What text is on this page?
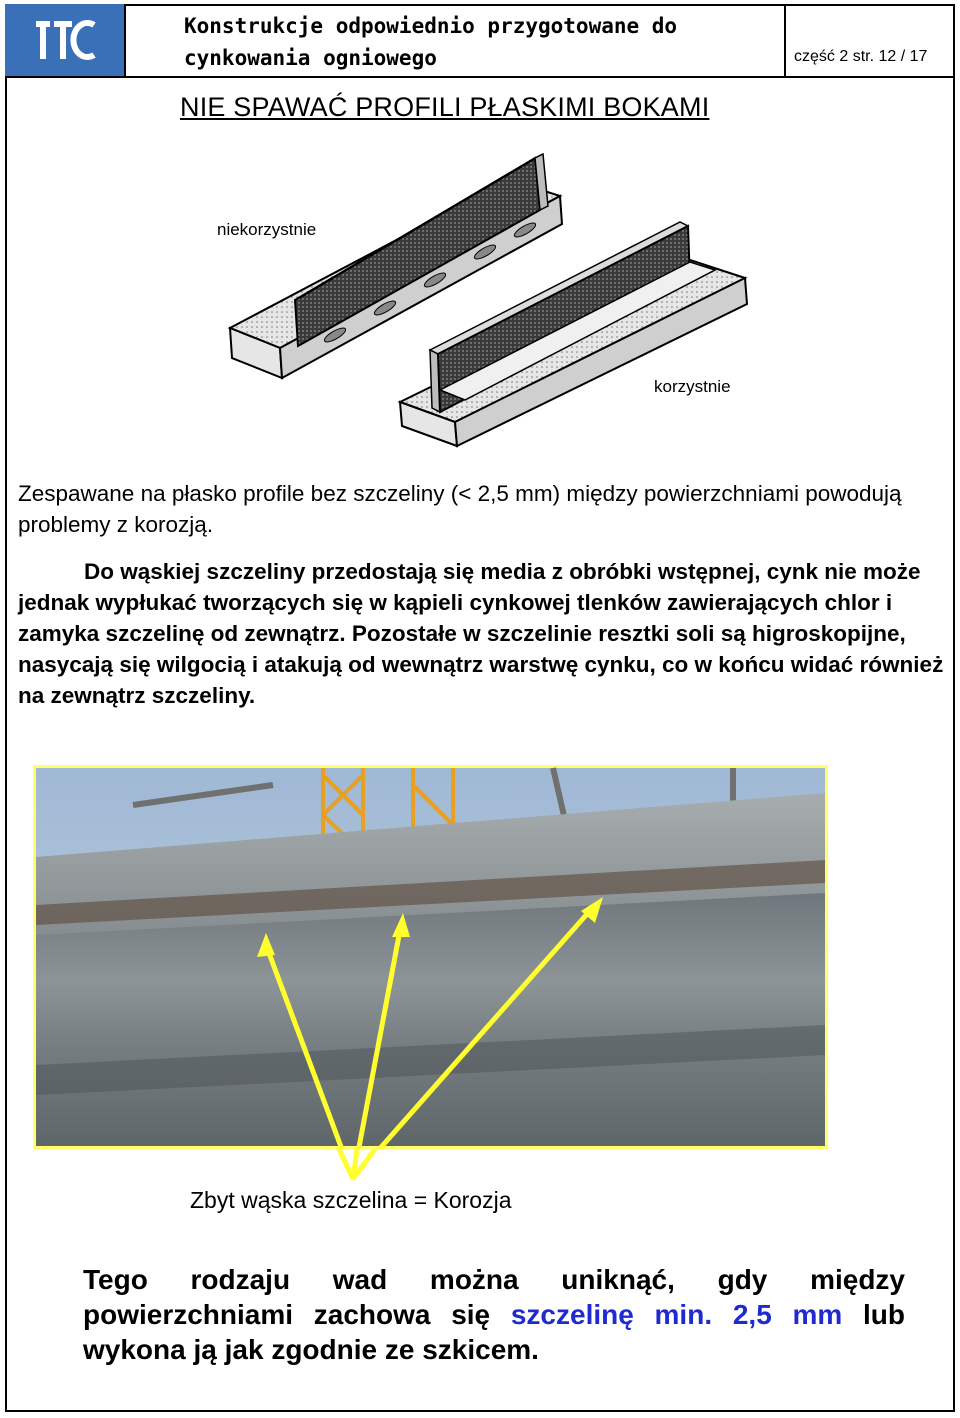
Konstrukcje odpowiednio przygotowane do
cynkowania ogniowego	część 2 str. 12 / 17
NIE SPAWAĆ PROFILI PŁASKIMI BOKAMI
niekorzystnie
korzystnie
Zespawane na płasko profile bez szczeliny (< 2,5 mm) między powierzchniami powodują problemy z korozją.
Do wąskiej szczeliny przedostają się media z obróbki wstępnej, cynk nie może jednak wypłukać tworzących się w kąpieli cynkowej tlenków zawierających chlor i zamyka szczelinę od zewnątrz. Pozostałe w szczelinie resztki soli są higroskopijne, nasycają się wilgocią i atakują od wewnątrz warstwę cynku, co w końcu widać również na zewnątrz szczeliny.
Zbyt wąska szczelina = Korozja
Tego rodzaju wad można uniknąć, gdy między powierzchniami zachowa się szczelinę min. 2,5 mm lub wykona ją jak zgodnie ze szkicem.
